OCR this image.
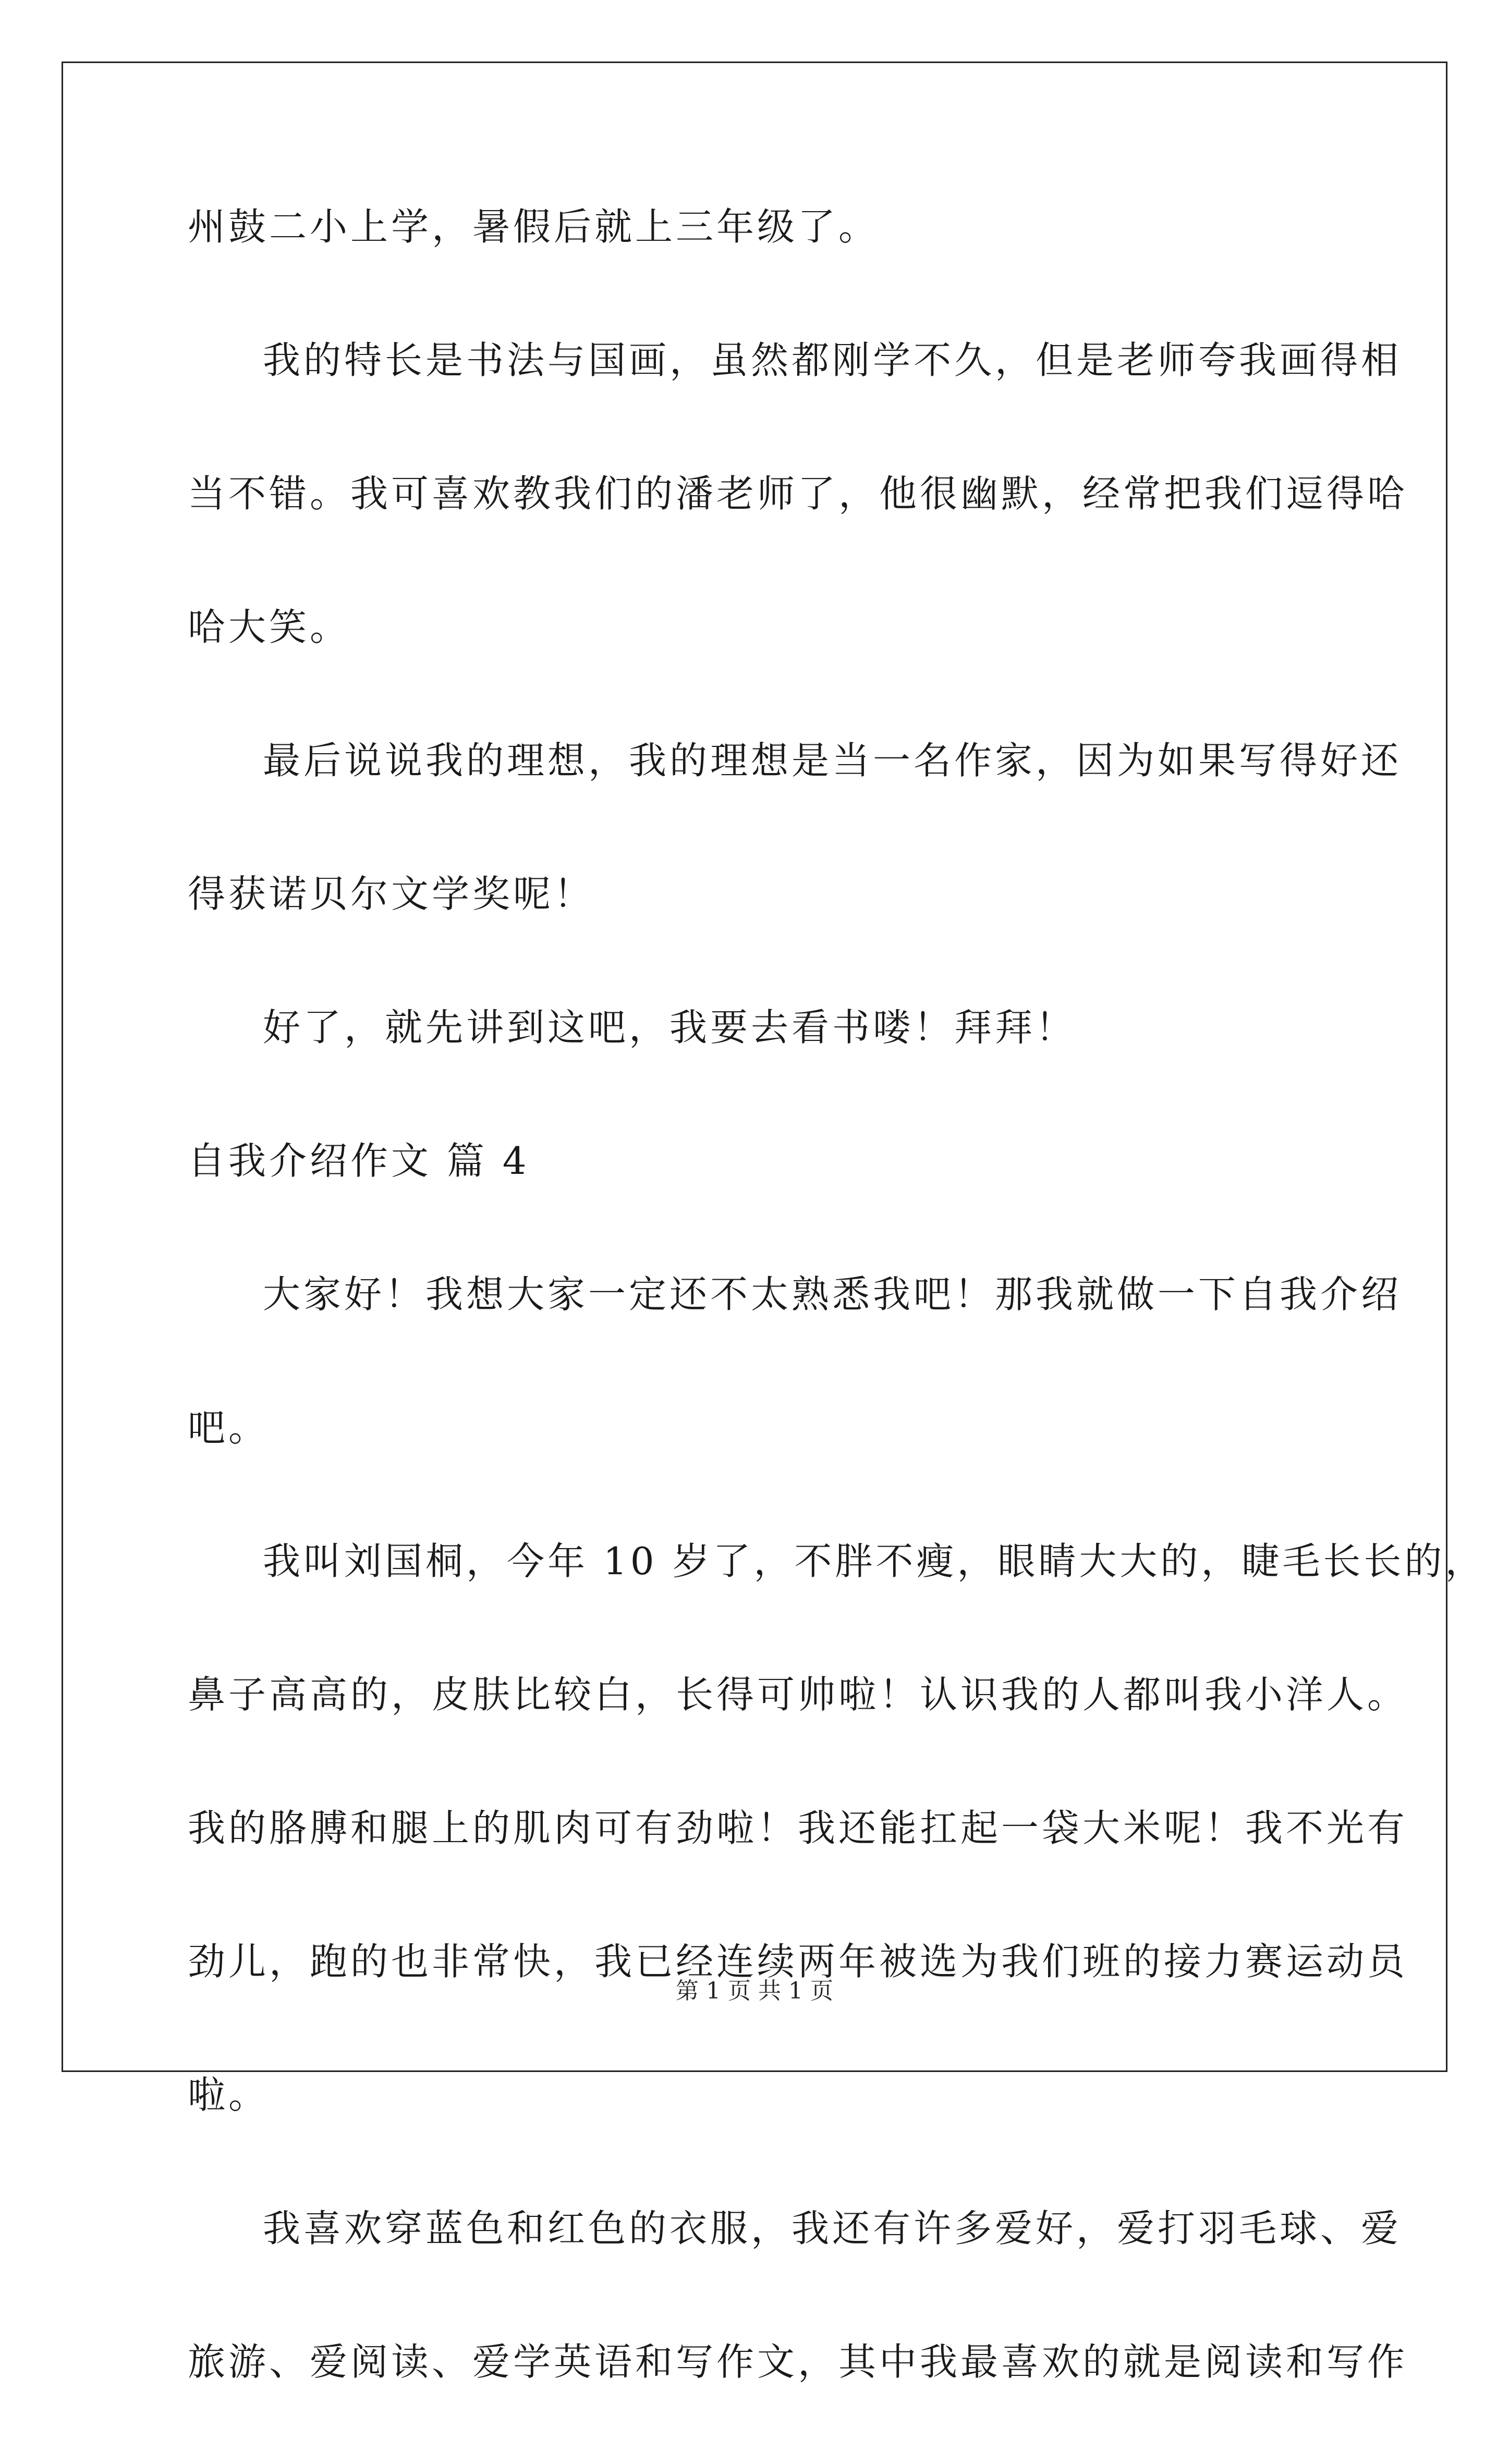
州鼓二小上学，暑假后就上三年级了。
我的特长是书法与国画，虽然都刚学不久，但是老师夸我画得相
当不错。我可喜欢教我们的潘老师了，他很幽默，经常把我们逗得哈
哈大笑。
最后说说我的理想，我的理想是当一名作家，因为如果写得好还
得获诺贝尔文学奖呢！
好了，就先讲到这吧，我要去看书喽！拜拜！
自我介绍作文 篇 4
大家好！我想大家一定还不太熟悉我吧！那我就做一下自我介绍
吧。
我叫刘国桐，今年 10 岁了，不胖不瘦，眼睛大大的，睫毛长长的，
鼻子高高的，皮肤比较白，长得可帅啦！认识我的人都叫我小洋人。
我的胳膊和腿上的肌肉可有劲啦！我还能扛起一袋大米呢！我不光有
劲儿，跑的也非常快，我已经连续两年被选为我们班的接力赛运动员
啦。
我喜欢穿蓝色和红色的衣服，我还有许多爱好，爱打羽毛球、爱
旅游、爱阅读、爱学英语和写作文，其中我最喜欢的就是阅读和写作
第 1 页 共 1 页
